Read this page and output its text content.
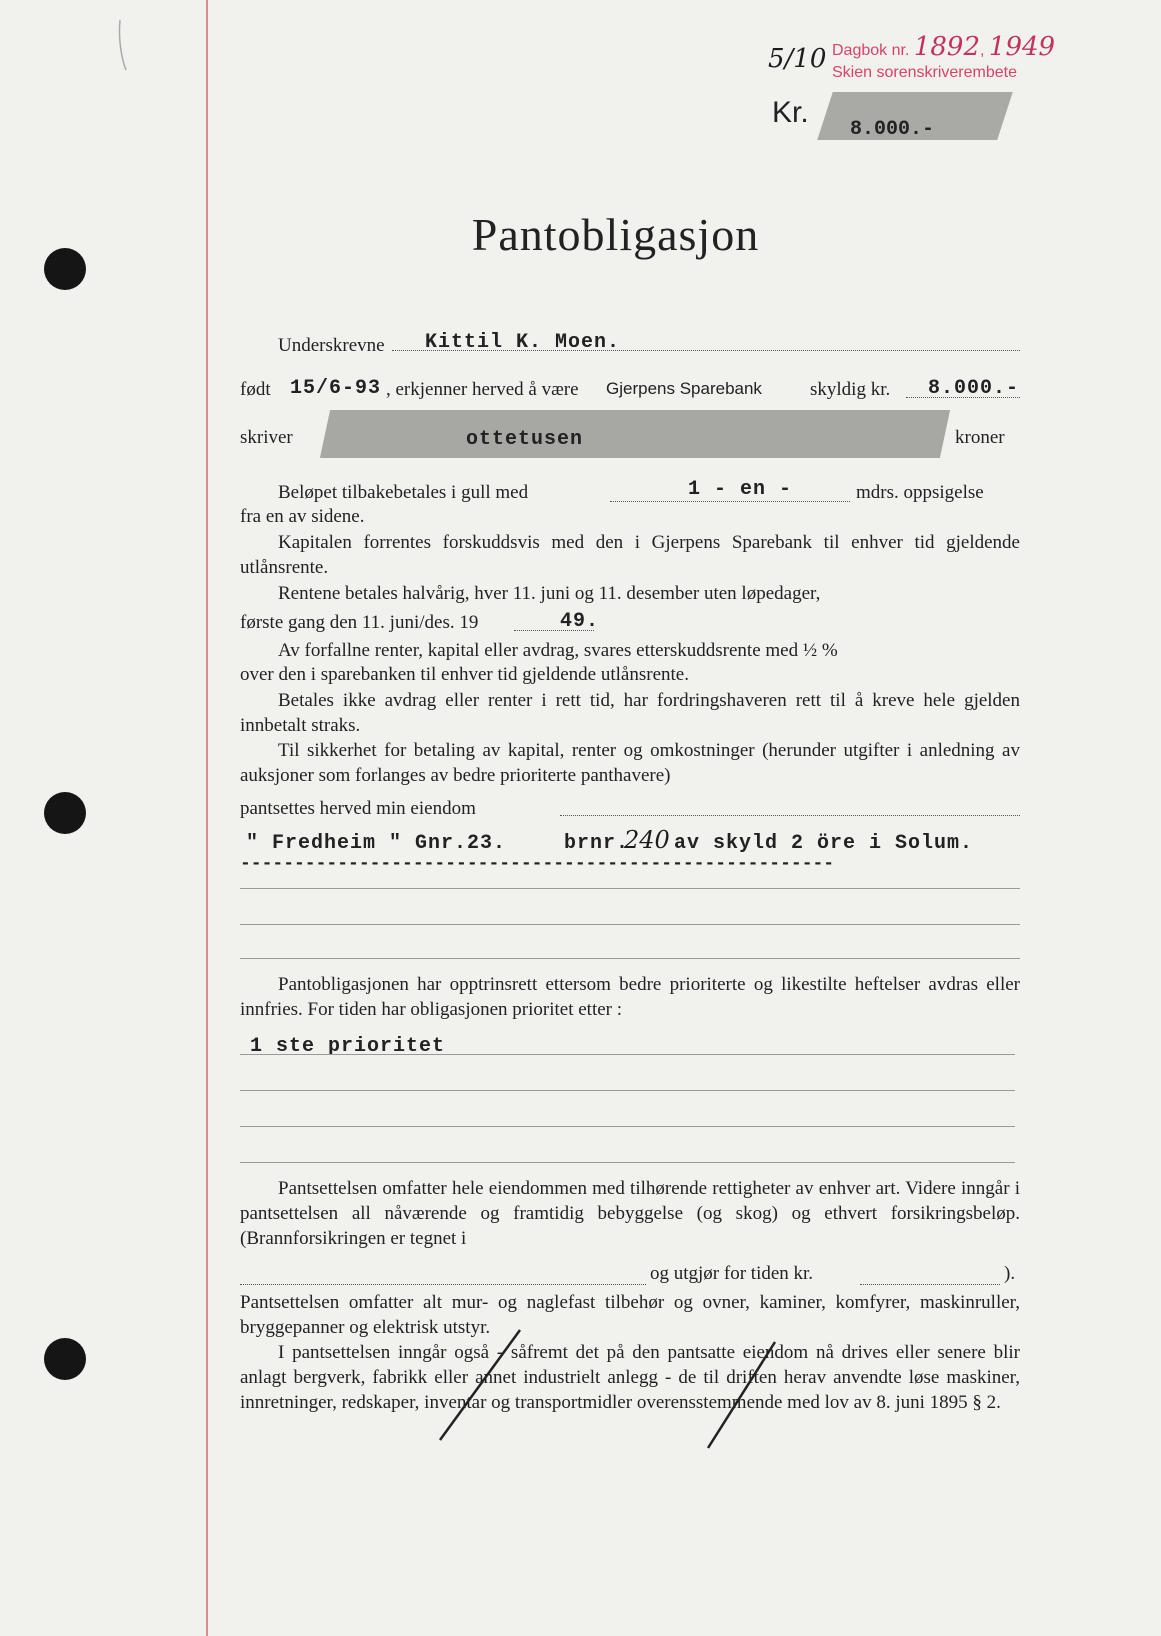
Dagbok nr. 1892, 1949
Skien sorenskriverembete
5/10
Kr.
8.000.-
Pantobligasjon
Underskrevne Kittil K. Moen.
født 15/6-93 , erkjenner herved å være Gjerpens Sparebank	skyldig kr. 8.000.-
skriver	ottetusen	kroner
Beløpet tilbakebetales i gull med	1 - en -	mdrs. oppsigelse
fra en av sidene.

Kapitalen forrentes forskuddsvis med den i Gjerpens Sparebank til enhver tid gjeldende utlånsrente.

Rentene betales halvårig, hver 11. juni og 11. desember uten løpedager,
første gang den 11. juni/des. 19	49.
Av forfallne renter, kapital eller avdrag, svares etterskuddsrente med ½ %
over den i sparebanken til enhver tid gjeldende utlånsrente.

Betales ikke avdrag eller renter i rett tid, har fordringshaveren rett til å kreve hele gjelden innbetalt straks.

Til sikkerhet for betaling av kapital, renter og omkostninger (herunder utgifter i anledning av auksjoner som forlanges av bedre prioriterte panthavere)

pantsettes herved min eiendom
" Fredheim " Gnr.23.	brnr.
240 av skyld 2 öre i Solum.
-------------------------------------------------------

Pantobligasjonen har opptrinsrett ettersom bedre prioriterte og likestilte heftelser avdras eller innfries. For tiden har obligasjonen prioritet etter :

1 ste prioritet

Pantsettelsen omfatter hele eiendommen med tilhørende rettigheter av enhver art. Videre inngår i pantsettelsen all nåværende og framtidig bebyggelse (og skog) og ethvert forsikringsbeløp. (Brannforsikringen er tegnet i

og utgjør for tiden kr.	).

Pantsettelsen omfatter alt mur- og naglefast tilbehør og ovner, kaminer, komfyrer, maskinruller, bryggepanner og elektrisk utstyr.

I pantsettelsen inngår også - såfremt det på den pantsatte eiendom nå drives eller senere blir anlagt bergverk, fabrikk eller annet industrielt anlegg - de til driften herav anvendte løse maskiner, innretninger, redskaper, inventar og transportmidler overensstemmende med lov av 8. juni 1895 § 2.
